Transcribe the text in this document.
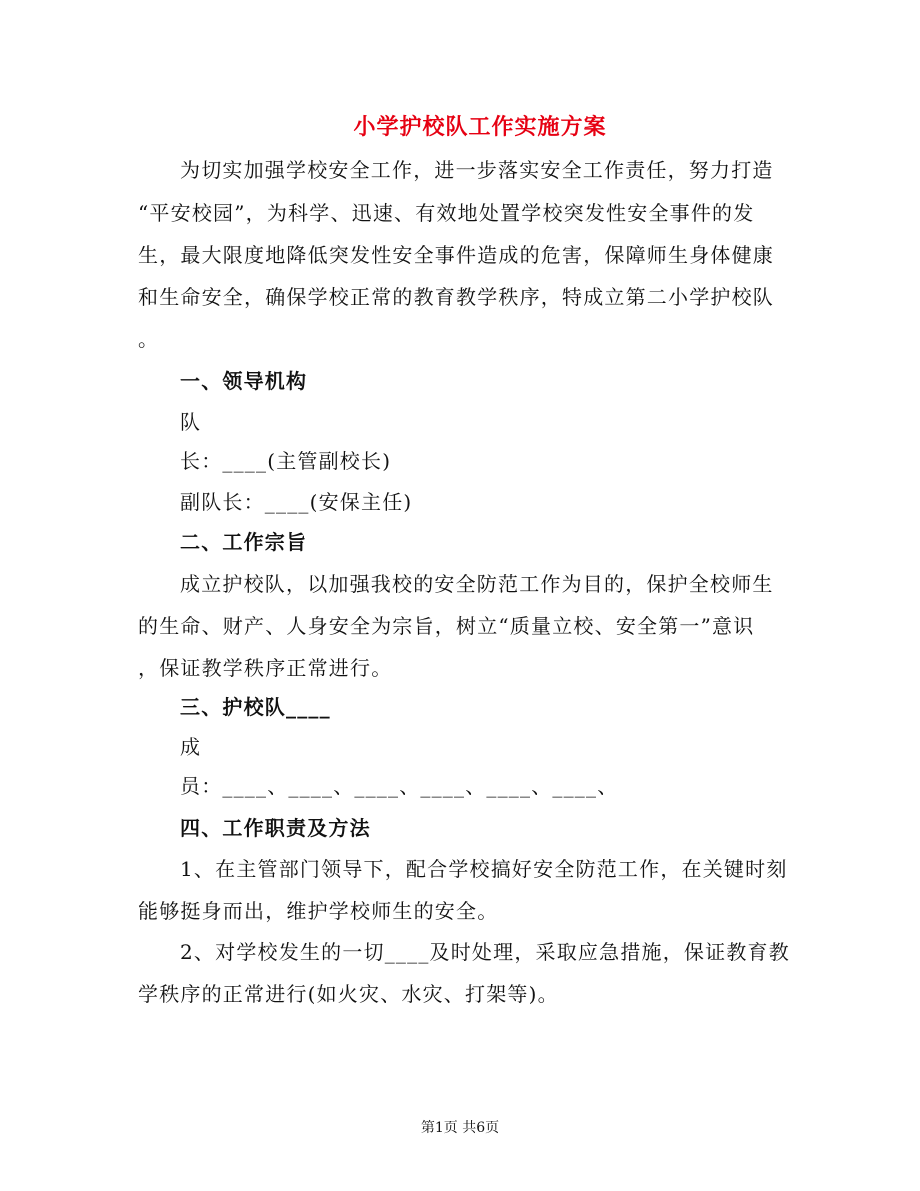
小学护校队工作实施方案
为切实加强学校安全工作，进一步落实安全工作责任，努力打造
“平安校园”，为科学、迅速、有效地处置学校突发性安全事件的发
生，最大限度地降低突发性安全事件造成的危害，保障师生身体健康
和生命安全，确保学校正常的教育教学秩序，特成立第二小学护校队
。
一、领导机构
队
长：____(主管副校长)
副队长：____(安保主任)
二、工作宗旨
成立护校队，以加强我校的安全防范工作为目的，保护全校师生
的生命、财产、人身安全为宗旨，树立“质量立校、安全第一”意识
，保证教学秩序正常进行。
三、护校队____
成
员：____、____、____、____、____、____、
四、工作职责及方法
1、在主管部门领导下，配合学校搞好安全防范工作，在关键时刻
能够挺身而出，维护学校师生的安全。
2、对学校发生的一切____及时处理，采取应急措施，保证教育教
学秩序的正常进行(如火灾、水灾、打架等)。
第1页 共6页
